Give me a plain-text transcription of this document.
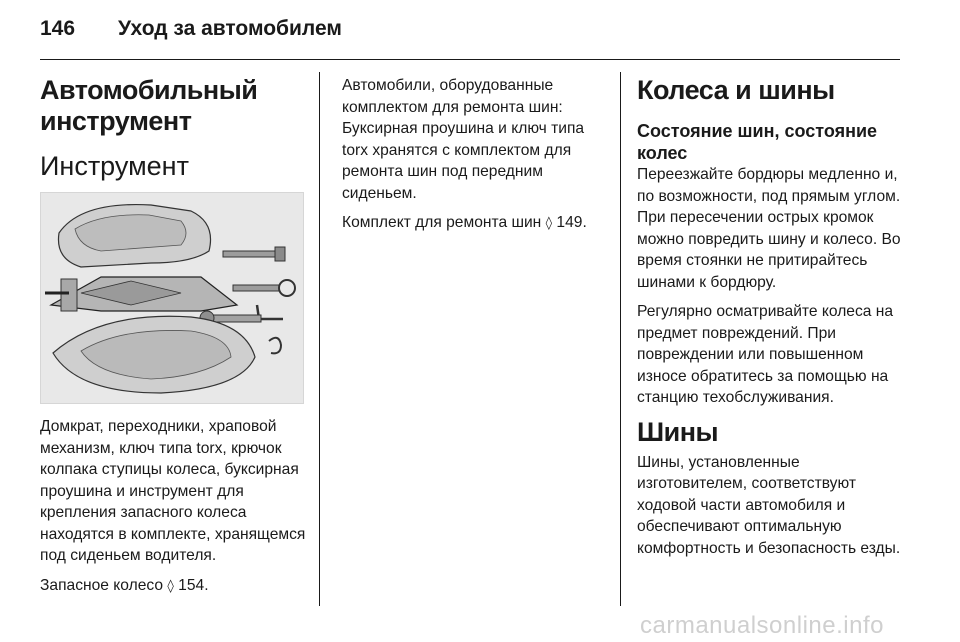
146 Уход за автомобилем
Автомобильный инструмент
Инструмент

Домкрат, переходники, храповой механизм, ключ типа torx, крючок колпака ступицы колеса, буксирная проушина и инструмент для крепления запасного колеса находятся в комплекте, хранящемся под сиденьем водителя.

Запасное колесо ◊ 154.

Автомобили, оборудованные комплектом для ремонта шин: Буксирная проушина и ключ типа torx хранятся с комплектом для ремонта шин под передним сиденьем.

Комплект для ремонта шин ◊ 149.

Колеса и шины
Состояние шин, состояние колес

Переезжайте бордюры медленно и, по возможности, под прямым углом. При пересечении острых кромок можно повредить шину и колесо. Во время стоянки не притирайтесь шинами к бордюру.

Регулярно осматривайте колеса на предмет повреждений. При повреждении или повышенном износе обратитесь за помощью на станцию техобслуживания.

Шины

Шины, установленные изготовителем, соответствуют ходовой части автомобиля и обеспечивают оптимальную комфортность и безопасность езды.

carmanualsonline.info
